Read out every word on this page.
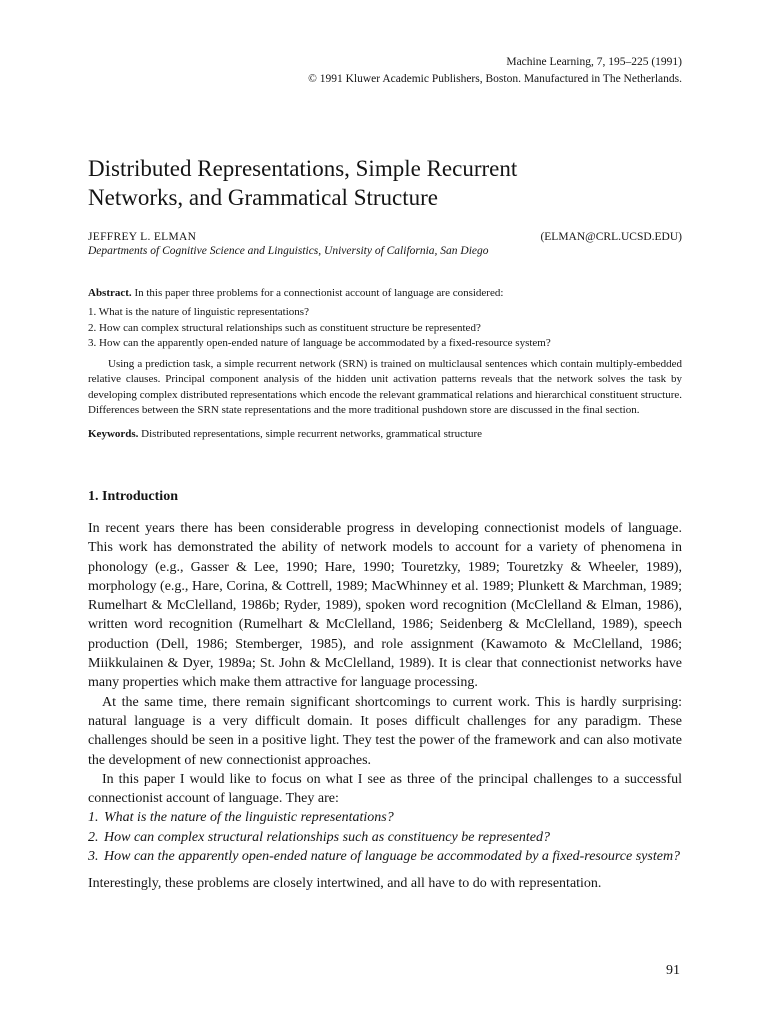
Machine Learning, 7, 195–225 (1991)
© 1991 Kluwer Academic Publishers, Boston. Manufactured in The Netherlands.
Distributed Representations, Simple Recurrent
Networks, and Grammatical Structure
JEFFREY L. ELMAN	(ELMAN@CRL.UCSD.EDU)
Departments of Cognitive Science and Linguistics, University of California, San Diego

Abstract. In this paper three problems for a connectionist account of language are considered:

1. What is the nature of linguistic representations?
2. How can complex structural relationships such as constituent structure be represented?
3. How can the apparently open-ended nature of language be accommodated by a fixed-resource system?

Using a prediction task, a simple recurrent network (SRN) is trained on multiclausal sentences which contain multiply-embedded relative clauses. Principal component analysis of the hidden unit activation patterns reveals that the network solves the task by developing complex distributed representations which encode the relevant grammatical relations and hierarchical constituent structure. Differences between the SRN state representations and the more traditional pushdown store are discussed in the final section.

Keywords. Distributed representations, simple recurrent networks, grammatical structure

1. Introduction

In recent years there has been considerable progress in developing connectionist models of language. This work has demonstrated the ability of network models to account for a variety of phenomena in phonology (e.g., Gasser & Lee, 1990; Hare, 1990; Touretzky, 1989; Touretzky & Wheeler, 1989), morphology (e.g., Hare, Corina, & Cottrell, 1989; MacWhinney et al. 1989; Plunkett & Marchman, 1989; Rumelhart & McClelland, 1986b; Ryder, 1989), spoken word recognition (McClelland & Elman, 1986), written word recognition (Rumelhart & McClelland, 1986; Seidenberg & McClelland, 1989), speech production (Dell, 1986; Stemberger, 1985), and role assignment (Kawamoto & McClelland, 1986; Miikkulainen & Dyer, 1989a; St. John & McClelland, 1989). It is clear that connectionist networks have many properties which make them attractive for language processing.

At the same time, there remain significant shortcomings to current work. This is hardly surprising: natural language is a very difficult domain. It poses difficult challenges for any paradigm. These challenges should be seen in a positive light. They test the power of the framework and can also motivate the development of new connectionist approaches.

In this paper I would like to focus on what I see as three of the principal challenges to a successful connectionist account of language. They are:

1. What is the nature of the linguistic representations?
2. How can complex structural relationships such as constituency be represented?
3. How can the apparently open-ended nature of language be accommodated by a fixed-resource system?

Interestingly, these problems are closely intertwined, and all have to do with representation.

91
